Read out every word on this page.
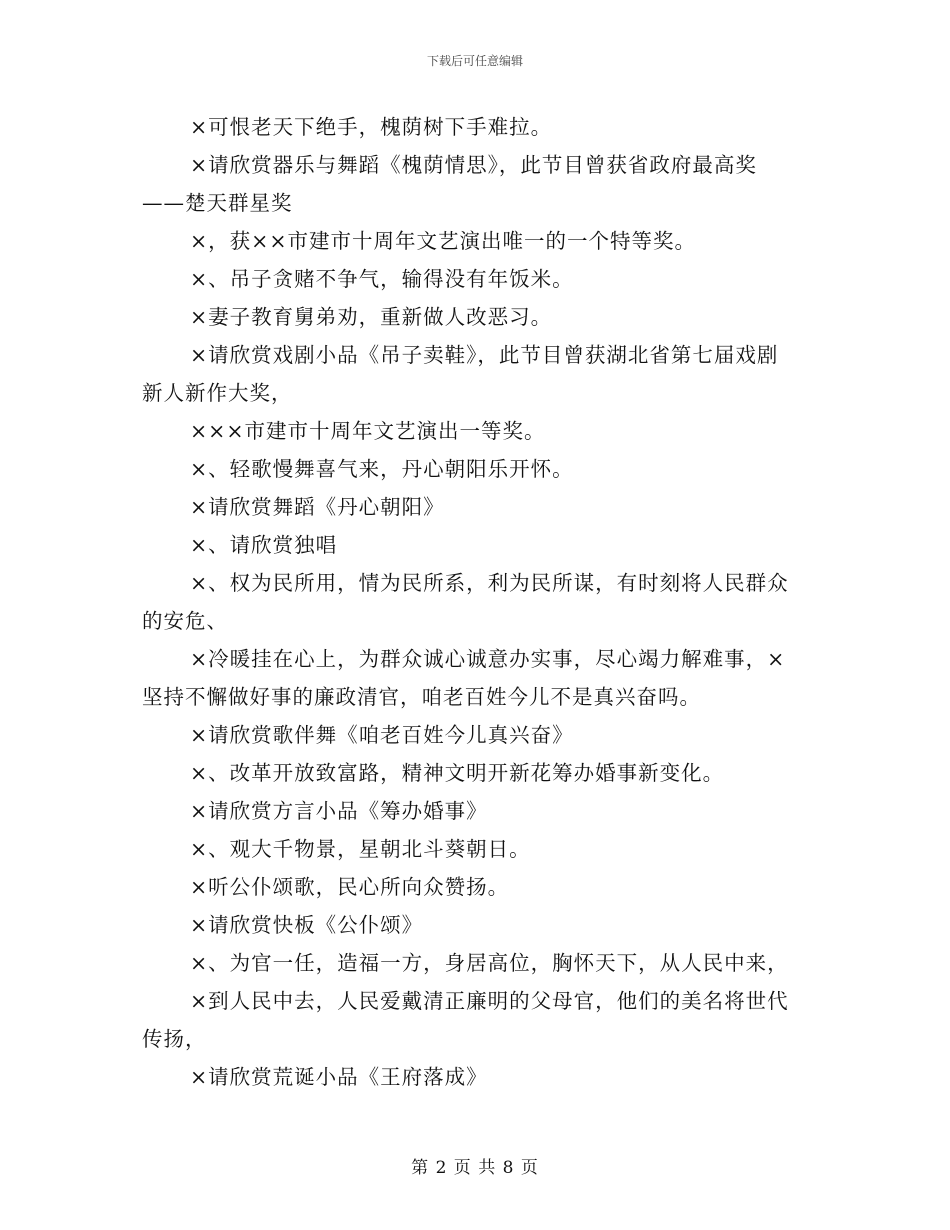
下载后可任意编辑

×可恨老天下绝手，槐荫树下手难拉。

×请欣赏器乐与舞蹈《槐荫情思》，此节目曾获省政府最高奖——楚天群星奖

×，获××市建市十周年文艺演出唯一的一个特等奖。

×、吊子贪赌不争气，输得没有年饭米。

×妻子教育舅弟劝，重新做人改恶习。

×请欣赏戏剧小品《吊子卖鞋》，此节目曾获湖北省第七届戏剧新人新作大奖，

×××市建市十周年文艺演出一等奖。

×、轻歌慢舞喜气来，丹心朝阳乐开怀。

×请欣赏舞蹈《丹心朝阳》

×、请欣赏独唱

×、权为民所用，情为民所系，利为民所谋，有时刻将人民群众的安危、

×冷暖挂在心上，为群众诚心诚意办实事，尽心竭力解难事，×坚持不懈做好事的廉政清官，咱老百姓今儿不是真兴奋吗。

×请欣赏歌伴舞《咱老百姓今儿真兴奋》

×、改革开放致富路，精神文明开新花筹办婚事新变化。

×请欣赏方言小品《筹办婚事》

×、观大千物景，星朝北斗葵朝日。

×听公仆颂歌，民心所向众赞扬。

×请欣赏快板《公仆颂》

×、为官一任，造福一方，身居高位，胸怀天下，从人民中来，

×到人民中去，人民爱戴清正廉明的父母官，他们的美名将世代传扬，

×请欣赏荒诞小品《王府落成》

第 2 页 共 8 页
